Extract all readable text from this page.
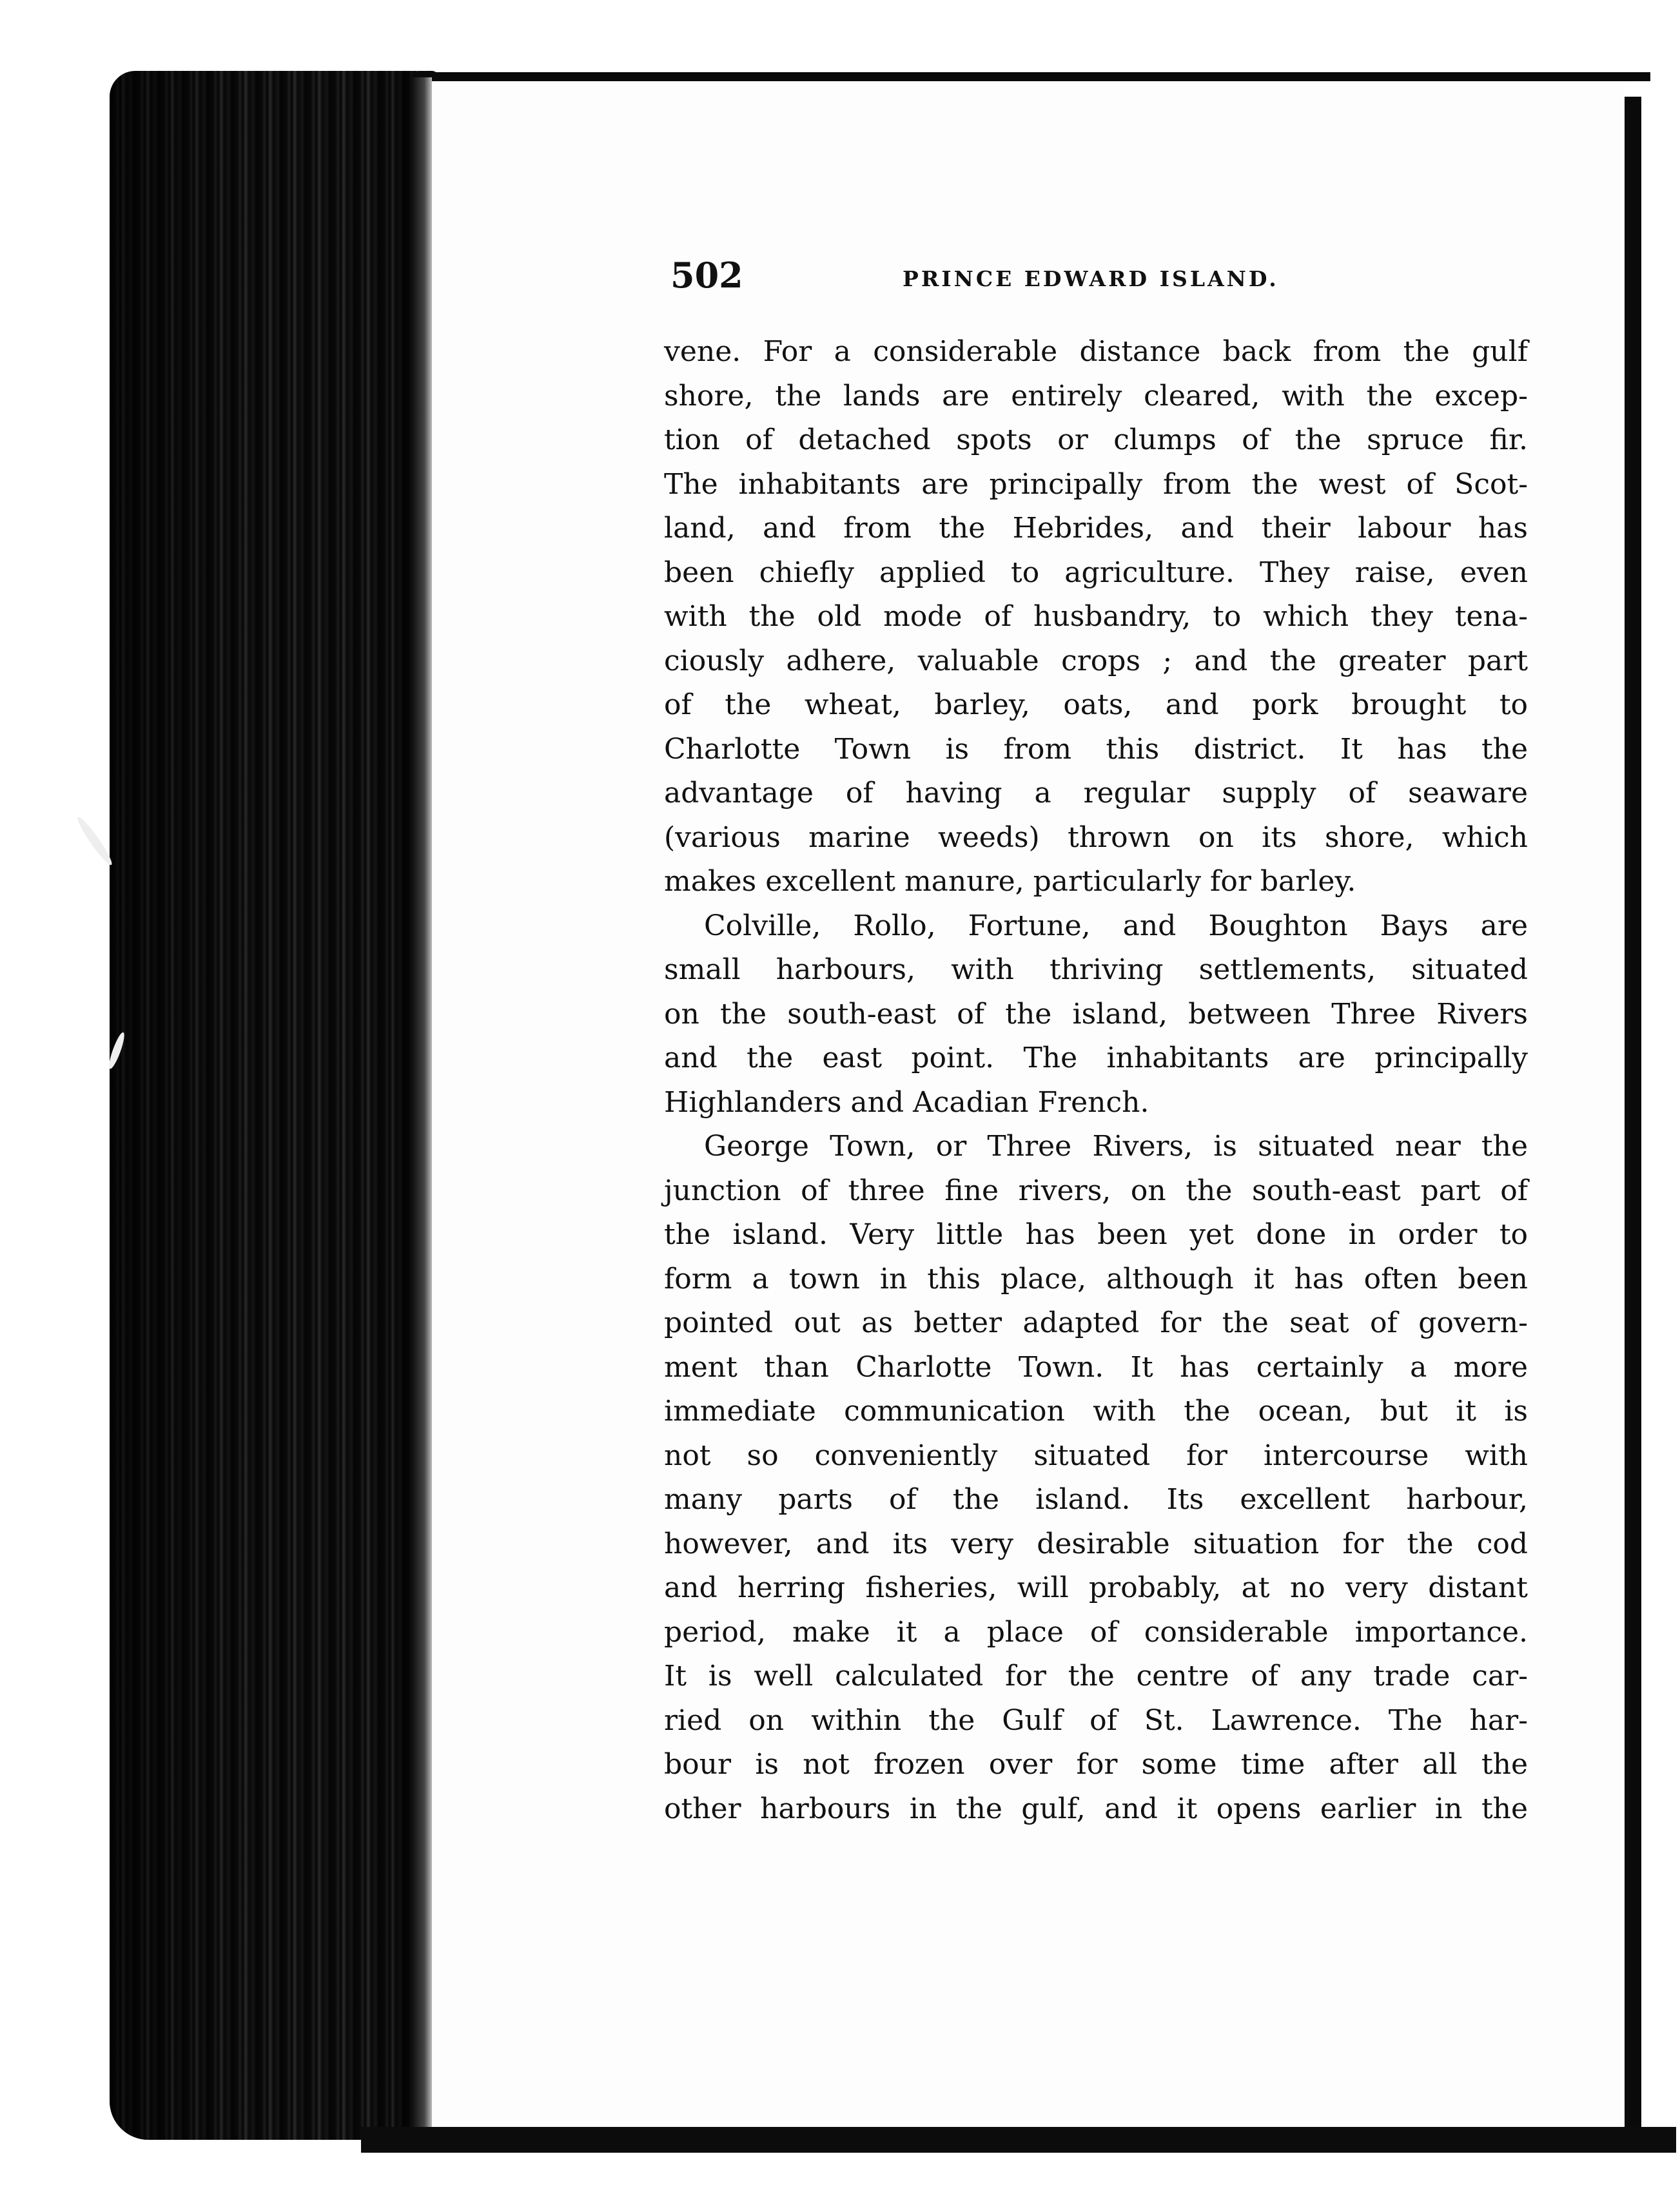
502	PRINCE EDWARD ISLAND.
vene. For a considerable distance back from the gulf
shore, the lands are entirely cleared, with the excep-
tion of detached spots or clumps of the spruce fir.
The inhabitants are principally from the west of Scot-
land, and from the Hebrides, and their labour has
been chiefly applied to agriculture. They raise, even
with the old mode of husbandry, to which they tena-
ciously adhere, valuable crops ; and the greater part
of the wheat, barley, oats, and pork brought to
Charlotte Town is from this district. It has the
advantage of having a regular supply of seaware
(various marine weeds) thrown on its shore, which
makes excellent manure, particularly for barley.
Colville, Rollo, Fortune, and Boughton Bays are
small harbours, with thriving settlements, situated
on the south-east of the island, between Three Rivers
and the east point. The inhabitants are principally
Highlanders and Acadian French.
George Town, or Three Rivers, is situated near the
junction of three fine rivers, on the south-east part of
the island. Very little has been yet done in order to
form a town in this place, although it has often been
pointed out as better adapted for the seat of govern-
ment than Charlotte Town. It has certainly a more
immediate communication with the ocean, but it is
not so conveniently situated for intercourse with
many parts of the island. Its excellent harbour,
however, and its very desirable situation for the cod
and herring fisheries, will probably, at no very distant
period, make it a place of considerable importance.
It is well calculated for the centre of any trade car-
ried on within the Gulf of St. Lawrence. The har-
bour is not frozen over for some time after all the
other harbours in the gulf, and it opens earlier in the
